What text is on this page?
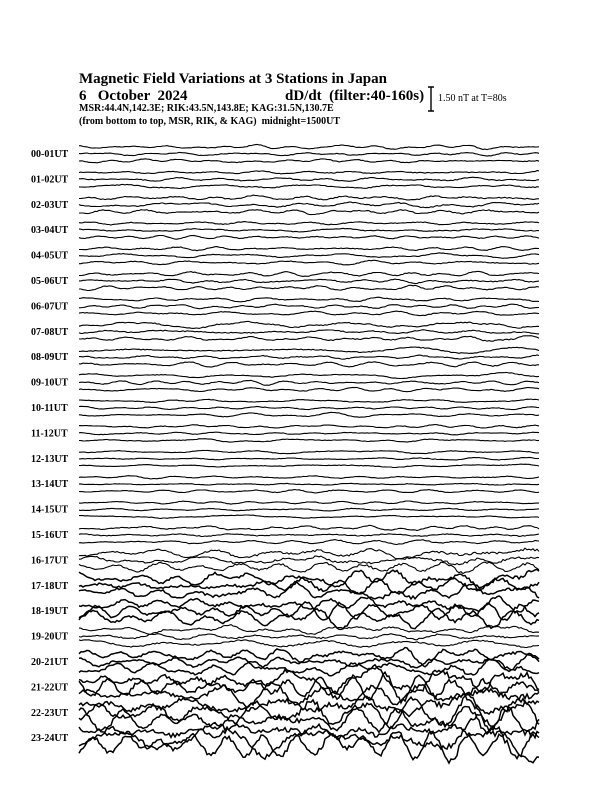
00-01UT
01-02UT
02-03UT
03-04UT
04-05UT
05-06UT
06-07UT
07-08UT
08-09UT
09-10UT
10-11UT
11-12UT
12-13UT
13-14UT
14-15UT
15-16UT
16-17UT
17-18UT
18-19UT
19-20UT
20-21UT
21-22UT
22-23UT
23-24UT
Magnetic Field Variations at 3 Stations in Japan
6   October  2024	dD/dt  (filter:40-160s)
MSR:44.4N,142.3E; RIK:43.5N,143.8E; KAG:31.5N,130.7E
(from bottom to top, MSR, RIK, & KAG)  midnight=1500UT
1.50 nT at T=80s
